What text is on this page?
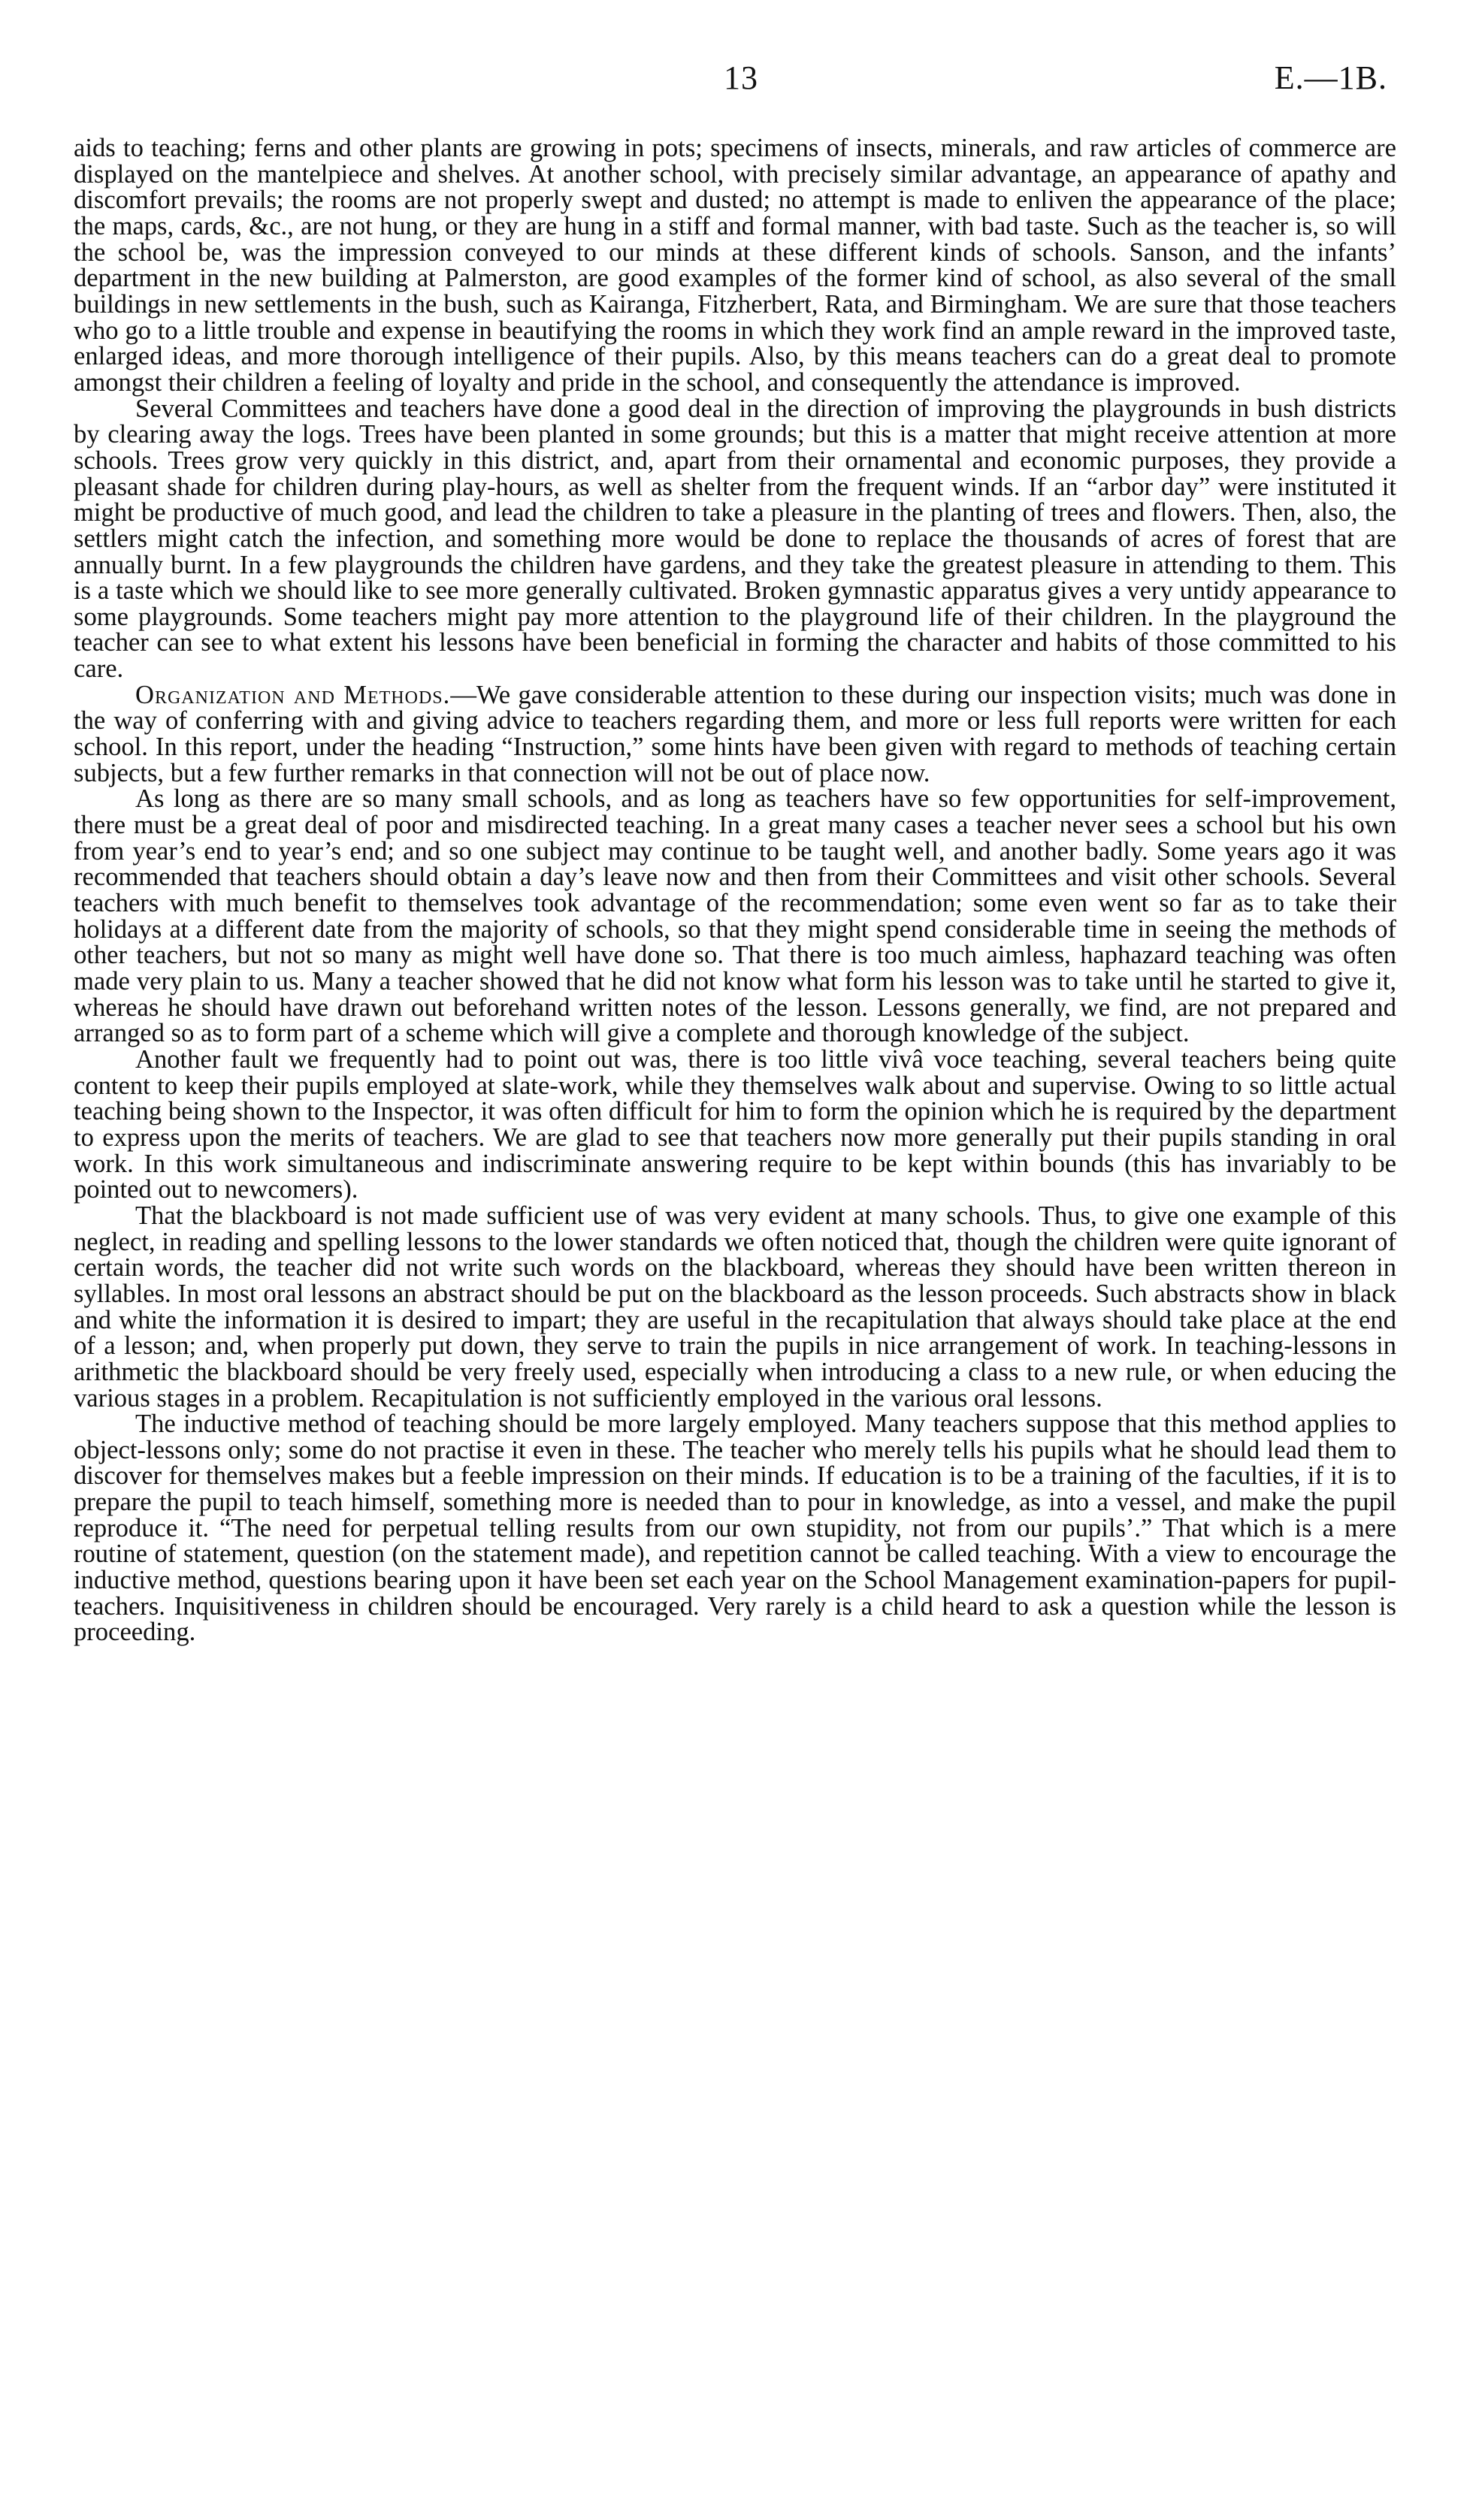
13	E.—1B.

aids to teaching; ferns and other plants are growing in pots; specimens of insects, minerals, and raw articles of commerce are displayed on the mantelpiece and shelves. At another school, with precisely similar advantage, an appearance of apathy and discomfort prevails; the rooms are not properly swept and dusted; no attempt is made to enliven the appearance of the place; the maps, cards, &c., are not hung, or they are hung in a stiff and formal manner, with bad taste. Such as the teacher is, so will the school be, was the impression conveyed to our minds at these different kinds of schools. Sanson, and the infants’ department in the new building at Palmerston, are good examples of the former kind of school, as also several of the small buildings in new settlements in the bush, such as Kairanga, Fitzherbert, Rata, and Birmingham. We are sure that those teachers who go to a little trouble and expense in beautifying the rooms in which they work find an ample reward in the improved taste, enlarged ideas, and more thorough intelligence of their pupils. Also, by this means teachers can do a great deal to promote amongst their children a feeling of loyalty and pride in the school, and consequently the attendance is improved.

Several Committees and teachers have done a good deal in the direction of improving the playgrounds in bush districts by clearing away the logs. Trees have been planted in some grounds; but this is a matter that might receive attention at more schools. Trees grow very quickly in this district, and, apart from their ornamental and economic purposes, they provide a pleasant shade for children during play-hours, as well as shelter from the frequent winds. If an “arbor day” were instituted it might be productive of much good, and lead the children to take a pleasure in the planting of trees and flowers. Then, also, the settlers might catch the infection, and something more would be done to replace the thousands of acres of forest that are annually burnt. In a few playgrounds the children have gardens, and they take the greatest pleasure in attending to them. This is a taste which we should like to see more generally cultivated. Broken gymnastic apparatus gives a very untidy appearance to some playgrounds. Some teachers might pay more attention to the playground life of their children. In the playground the teacher can see to what extent his lessons have been beneficial in forming the character and habits of those committed to his care.

Organization and Methods.—We gave considerable attention to these during our inspection visits; much was done in the way of conferring with and giving advice to teachers regarding them, and more or less full reports were written for each school. In this report, under the heading “Instruction,” some hints have been given with regard to methods of teaching certain subjects, but a few further remarks in that connection will not be out of place now.

As long as there are so many small schools, and as long as teachers have so few opportunities for self-improvement, there must be a great deal of poor and misdirected teaching. In a great many cases a teacher never sees a school but his own from year’s end to year’s end; and so one subject may continue to be taught well, and another badly. Some years ago it was recommended that teachers should obtain a day’s leave now and then from their Committees and visit other schools. Several teachers with much benefit to themselves took advantage of the recommendation; some even went so far as to take their holidays at a different date from the majority of schools, so that they might spend considerable time in seeing the methods of other teachers, but not so many as might well have done so. That there is too much aimless, haphazard teaching was often made very plain to us. Many a teacher showed that he did not know what form his lesson was to take until he started to give it, whereas he should have drawn out beforehand written notes of the lesson. Lessons generally, we find, are not prepared and arranged so as to form part of a scheme which will give a complete and thorough knowledge of the subject.

Another fault we frequently had to point out was, there is too little vivâ voce teaching, several teachers being quite content to keep their pupils employed at slate-work, while they themselves walk about and supervise. Owing to so little actual teaching being shown to the Inspector, it was often difficult for him to form the opinion which he is required by the department to express upon the merits of teachers. We are glad to see that teachers now more generally put their pupils standing in oral work. In this work simultaneous and indiscriminate answering require to be kept within bounds (this has invariably to be pointed out to newcomers).

That the blackboard is not made sufficient use of was very evident at many schools. Thus, to give one example of this neglect, in reading and spelling lessons to the lower standards we often noticed that, though the children were quite ignorant of certain words, the teacher did not write such words on the blackboard, whereas they should have been written thereon in syllables. In most oral lessons an abstract should be put on the blackboard as the lesson proceeds. Such abstracts show in black and white the information it is desired to impart; they are useful in the recapitulation that always should take place at the end of a lesson; and, when properly put down, they serve to train the pupils in nice arrangement of work. In teaching-lessons in arithmetic the blackboard should be very freely used, especially when introducing a class to a new rule, or when educing the various stages in a problem. Recapitulation is not sufficiently employed in the various oral lessons.

The inductive method of teaching should be more largely employed. Many teachers suppose that this method applies to object-lessons only; some do not practise it even in these. The teacher who merely tells his pupils what he should lead them to discover for themselves makes but a feeble impression on their minds. If education is to be a training of the faculties, if it is to prepare the pupil to teach himself, something more is needed than to pour in knowledge, as into a vessel, and make the pupil reproduce it. “The need for perpetual telling results from our own stupidity, not from our pupils’.” That which is a mere routine of statement, question (on the statement made), and repetition cannot be called teaching. With a view to encourage the inductive method, questions bearing upon it have been set each year on the School Management examination-papers for pupil-teachers. Inquisitiveness in children should be encouraged. Very rarely is a child heard to ask a question while the lesson is proceeding.
